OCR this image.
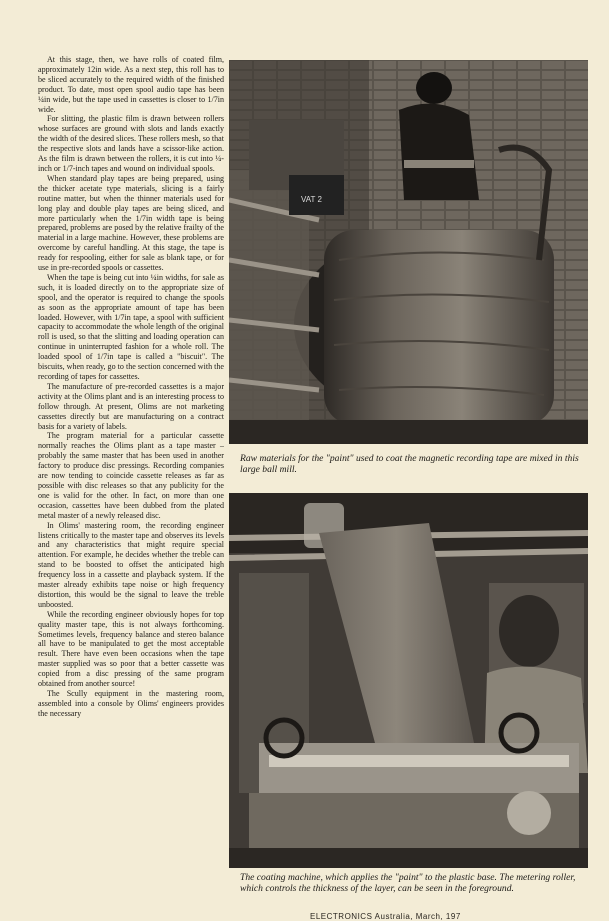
At this stage, then, we have rolls of coated film, approximately 12in wide. As a next step, this roll has to be sliced accurately to the required width of the finished product. To date, most open spool audio tape has been ¼in wide, but the tape used in cassettes is closer to 1/7in wide.

For slitting, the plastic film is drawn between rollers whose surfaces are ground with slots and lands exactly the width of the desired slices. These rollers mesh, so that the respective slots and lands have a scissor-like action. As the film is drawn between the rollers, it is cut into ¼-inch or 1/7-inch tapes and wound on individual spools.

When standard play tapes are being prepared, using the thicker acetate type materials, slicing is a fairly routine matter, but when the thinner materials used for long play and double play tapes are being sliced, and more particularly when the 1/7in width tape is being prepared, problems are posed by the relative frailty of the material in a large machine. However, these problems are overcome by careful handling. At this stage, the tape is ready for respooling, either for sale as blank tape, or for use in pre-recorded spools or cassettes.

When the tape is being cut into ¼in widths, for sale as such, it is loaded directly on to the appropriate size of spool, and the operator is required to change the spools as soon as the appropriate amount of tape has been loaded. However, with 1/7in tape, a spool with sufficient capacity to accommodate the whole length of the original roll is used, so that the slitting and loading operation can continue in uninterrupted fashion for a whole roll. The loaded spool of 1/7in tape is called a "biscuit". The biscuits, when ready, go to the section concerned with the recording of tapes for cassettes.

The manufacture of pre-recorded cassettes is a major activity at the Olims plant and is an interesting process to follow through. At present, Olims are not marketing cassettes directly but are manufacturing on a contract basis for a variety of labels.

The program material for a particular cassette normally reaches the Olims plant as a tape master – probably the same master that has been used in another factory to produce disc pressings. Recording companies are now tending to coincide cassette releases as far as possible with disc releases so that any publicity for the one is valid for the other. In fact, on more than one occasion, cassettes have been dubbed from the plated metal master of a newly released disc.

In Olims' mastering room, the recording engineer listens critically to the master tape and observes its levels and any characteristics that might require special attention. For example, he decides whether the treble can stand to be boosted to offset the anticipated high frequency loss in a cassette and playback system. If the master already exhibits tape noise or high frequency distortion, this would be the signal to leave the treble unboosted.

While the recording engineer obviously hopes for top quality master tape, this is not always forthcoming. Sometimes levels, frequency balance and stereo balance all have to be manipulated to get the most acceptable result. There have even been occasions when the tape master supplied was so poor that a better cassette was copied from a disc pressing of the same program obtained from another source!

The Scully equipment in the mastering room, assembled into a console by Olims' engineers provides the necessary

VAT 2
Raw materials for the "paint" used to coat the magnetic recording tape are mixed in this large ball mill.
The coating machine, which applies the "paint" to the plastic base. The metering roller, which controls the thickness of the layer, can be seen in the foreground.
ELECTRONICS Australia, March, 197
